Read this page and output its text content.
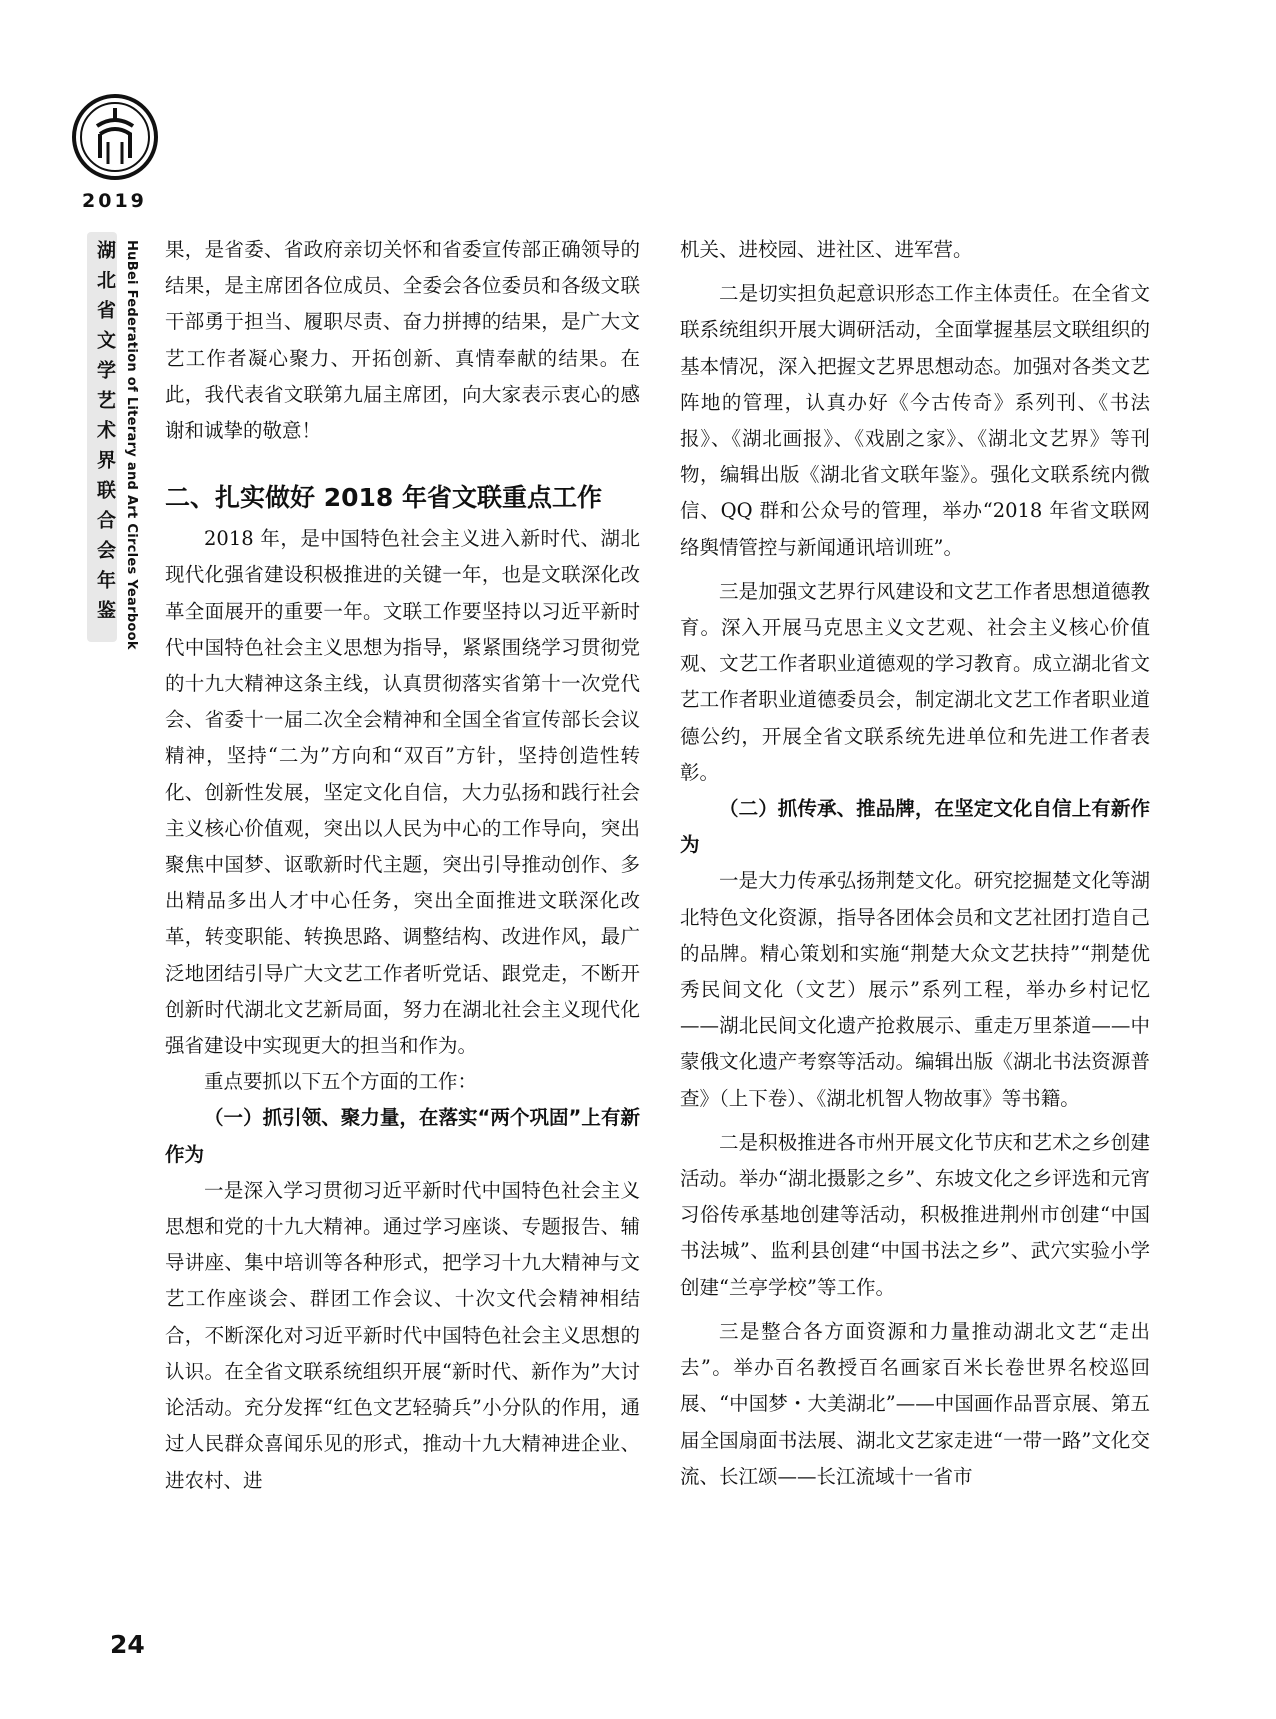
2019
湖北省文学艺术界联合会年鉴 HuBei Federation of Literary and Art Circles Yearbook 果，是省委、省政府亲切关怀和省委宣传部正确领导的结果，是主席团各位成员、全委会各位委员和各级文联干部勇于担当、履职尽责、奋力拼搏的结果，是广大文艺工作者凝心聚力、开拓创新、真情奉献的结果。在此，我代表省文联第九届主席团，向大家表示衷心的感谢和诚挚的敬意！

二、扎实做好 2018 年省文联重点工作

2018 年，是中国特色社会主义进入新时代、湖北现代化强省建设积极推进的关键一年，也是文联深化改革全面展开的重要一年。文联工作要坚持以习近平新时代中国特色社会主义思想为指导，紧紧围绕学习贯彻党的十九大精神这条主线，认真贯彻落实省第十一次党代会、省委十一届二次全会精神和全国全省宣传部长会议精神，坚持“二为”方向和“双百”方针，坚持创造性转化、创新性发展，坚定文化自信，大力弘扬和践行社会主义核心价值观，突出以人民为中心的工作导向，突出聚焦中国梦、讴歌新时代主题，突出引导推动创作、多出精品多出人才中心任务，突出全面推进文联深化改革，转变职能、转换思路、调整结构、改进作风，最广泛地团结引导广大文艺工作者听党话、跟党走，不断开创新时代湖北文艺新局面，努力在湖北社会主义现代化强省建设中实现更大的担当和作为。

重点要抓以下五个方面的工作：

（一）抓引领、聚力量，在落实“两个巩固”上有新作为

一是深入学习贯彻习近平新时代中国特色社会主义思想和党的十九大精神。通过学习座谈、专题报告、辅导讲座、集中培训等各种形式，把学习十九大精神与文艺工作座谈会、群团工作会议、十次文代会精神相结合，不断深化对习近平新时代中国特色社会主义思想的认识。在全省文联系统组织开展“新时代、新作为”大讨论活动。充分发挥“红色文艺轻骑兵”小分队的作用，通过人民群众喜闻乐见的形式，推动十九大精神进企业、进农村、进

机关、进校园、进社区、进军营。

二是切实担负起意识形态工作主体责任。在全省文联系统组织开展大调研活动，全面掌握基层文联组织的基本情况，深入把握文艺界思想动态。加强对各类文艺阵地的管理，认真办好《今古传奇》系列刊、《书法报》、《湖北画报》、《戏剧之家》、《湖北文艺界》等刊物，编辑出版《湖北省文联年鉴》。强化文联系统内微信、QQ 群和公众号的管理，举办“2018 年省文联网络舆情管控与新闻通讯培训班”。

三是加强文艺界行风建设和文艺工作者思想道德教育。深入开展马克思主义文艺观、社会主义核心价值观、文艺工作者职业道德观的学习教育。成立湖北省文艺工作者职业道德委员会，制定湖北文艺工作者职业道德公约，开展全省文联系统先进单位和先进工作者表彰。

（二）抓传承、推品牌，在坚定文化自信上有新作为

一是大力传承弘扬荆楚文化。研究挖掘楚文化等湖北特色文化资源，指导各团体会员和文艺社团打造自己的品牌。精心策划和实施“荆楚大众文艺扶持”“荆楚优秀民间文化（文艺）展示”系列工程，举办乡村记忆——湖北民间文化遗产抢救展示、重走万里茶道——中蒙俄文化遗产考察等活动。编辑出版《湖北书法资源普查》（上下卷）、《湖北机智人物故事》等书籍。

二是积极推进各市州开展文化节庆和艺术之乡创建活动。举办“湖北摄影之乡”、东坡文化之乡评选和元宵习俗传承基地创建等活动，积极推进荆州市创建“中国书法城”、监利县创建“中国书法之乡”、武穴实验小学创建“兰亭学校”等工作。

三是整合各方面资源和力量推动湖北文艺“走出去”。举办百名教授百名画家百米长卷世界名校巡回展、“中国梦・大美湖北”——中国画作品晋京展、第五届全国扇面书法展、湖北文艺家走进“一带一路”文化交流、长江颂——长江流域十一省市

24
